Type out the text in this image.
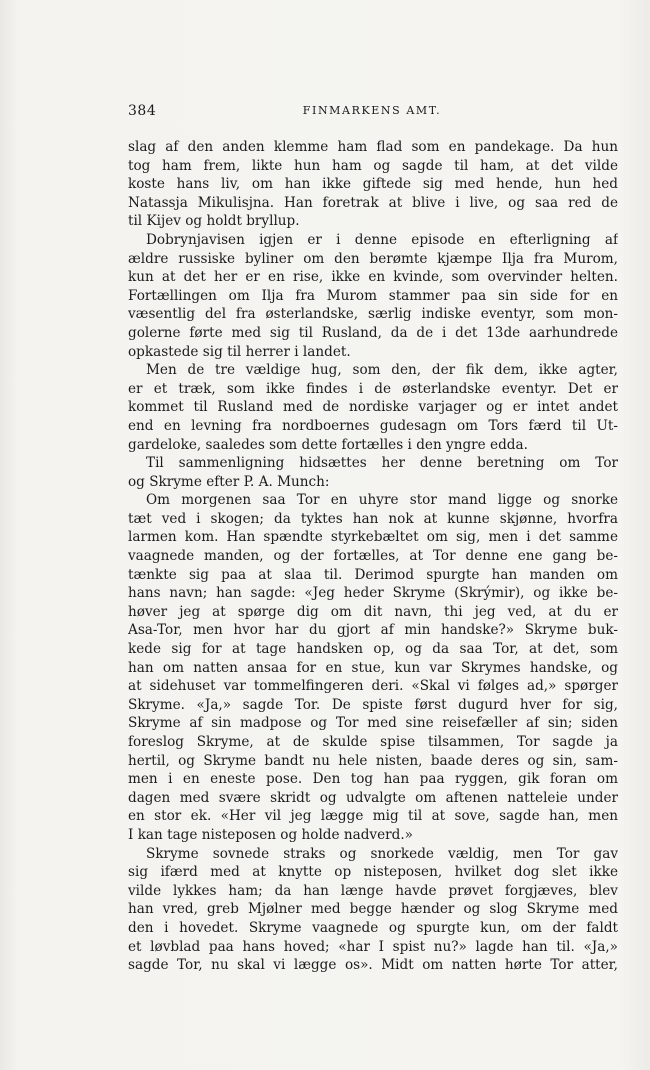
384	FINMARKENS AMT.
slag af den anden klemme ham flad som en pandekage. Da hun
tog ham frem, likte hun ham og sagde til ham, at det vilde
koste hans liv, om han ikke giftede sig med hende, hun hed
Natassja Mikulisjna. Han foretrak at blive i live, og saa red de
til Kijev og holdt bryllup.
Dobrynjavisen igjen er i denne episode en efterligning af
ældre russiske byliner om den berømte kjæmpe Ilja fra Murom,
kun at det her er en rise, ikke en kvinde, som overvinder helten.
Fortællingen om Ilja fra Murom stammer paa sin side for en
væsentlig del fra østerlandske, særlig indiske eventyr, som mon-
golerne førte med sig til Rusland, da de i det 13de aarhundrede
opkastede sig til herrer i landet.
Men de tre vældige hug, som den, der fik dem, ikke agter,
er et træk, som ikke findes i de østerlandske eventyr. Det er
kommet til Rusland med de nordiske varjager og er intet andet
end en levning fra nordboernes gudesagn om Tors færd til Ut-
gardeloke, saaledes som dette fortælles i den yngre edda.
Til sammenligning hidsættes her denne beretning om Tor
og Skryme efter P. A. Munch:
Om morgenen saa Tor en uhyre stor mand ligge og snorke
tæt ved i skogen; da tyktes han nok at kunne skjønne, hvorfra
larmen kom. Han spændte styrkebæltet om sig, men i det samme
vaagnede manden, og der fortælles, at Tor denne ene gang be-
tænkte sig paa at slaa til. Derimod spurgte han manden om
hans navn; han sagde: «Jeg heder Skryme (Skrýmir), og ikke be-
høver jeg at spørge dig om dit navn, thi jeg ved, at du er
Asa-Tor, men hvor har du gjort af min handske?» Skryme buk-
kede sig for at tage handsken op, og da saa Tor, at det, som
han om natten ansaa for en stue, kun var Skrymes handske, og
at sidehuset var tommelfingeren deri. «Skal vi følges ad,» spørger
Skryme. «Ja,» sagde Tor. De spiste først dugurd hver for sig,
Skryme af sin madpose og Tor med sine reisefæller af sin; siden
foreslog Skryme, at de skulde spise tilsammen, Tor sagde ja
hertil, og Skryme bandt nu hele nisten, baade deres og sin, sam-
men i en eneste pose. Den tog han paa ryggen, gik foran om
dagen med svære skridt og udvalgte om aftenen natteleie under
en stor ek. «Her vil jeg lægge mig til at sove, sagde han, men
I kan tage nisteposen og holde nadverd.»
Skryme sovnede straks og snorkede vældig, men Tor gav
sig ifærd med at knytte op nisteposen, hvilket dog slet ikke
vilde lykkes ham; da han længe havde prøvet forgjæves, blev
han vred, greb Mjølner med begge hænder og slog Skryme med
den i hovedet. Skryme vaagnede og spurgte kun, om der faldt
et løvblad paa hans hoved; «har I spist nu?» lagde han til. «Ja,»
sagde Tor, nu skal vi lægge os». Midt om natten hørte Tor atter,
